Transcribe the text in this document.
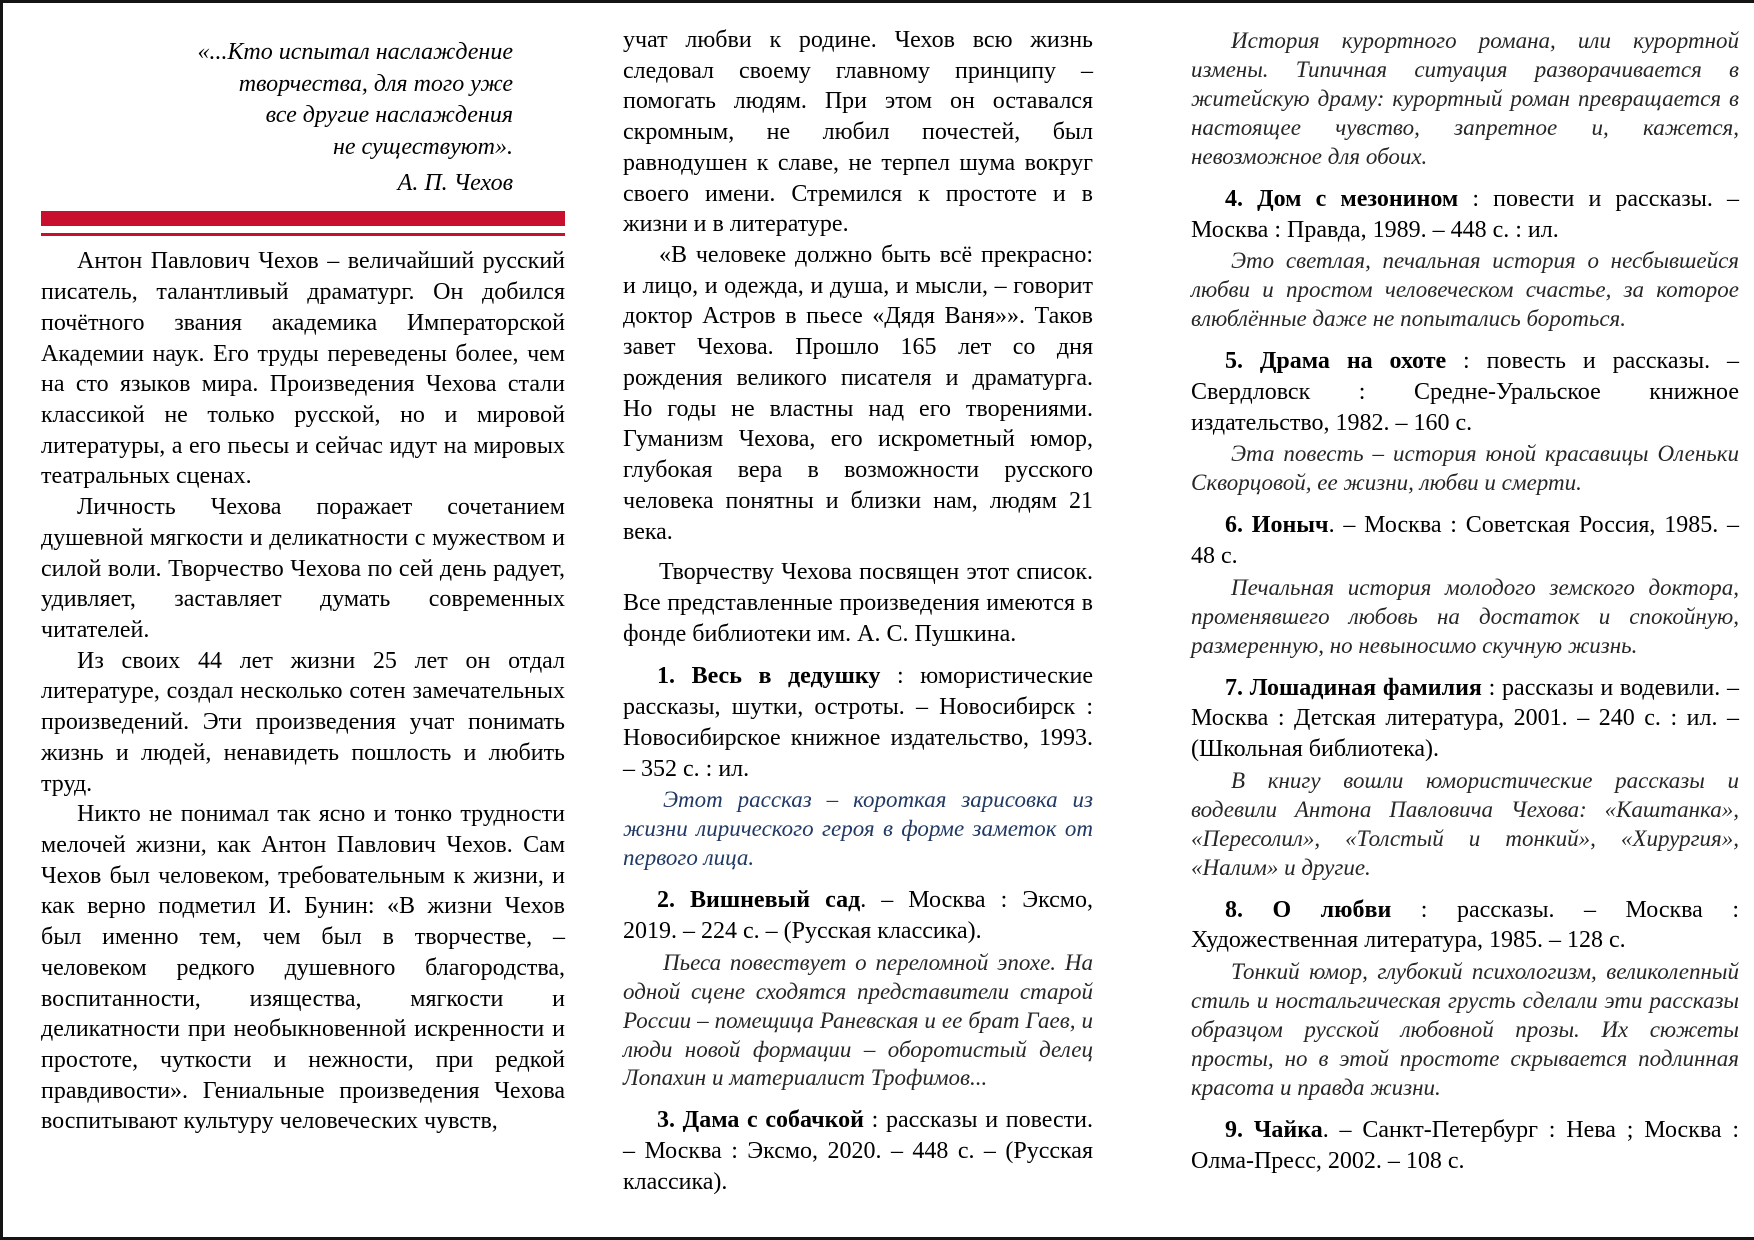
«...Кто испытал наслаждение
творчества, для того уже
все другие наслаждения
не существуют».
А. П. Чехов

Антон Павлович Чехов – величайший русский писатель, талантливый драматург. Он добился почётного звания академика Императорской Академии наук. Его труды переведены более, чем на сто языков мира. Произведения Чехова стали классикой не только русской, но и мировой литературы, а его пьесы и сейчас идут на мировых театральных сценах.

Личность Чехова поражает сочетанием душевной мягкости и деликатности с мужеством и силой воли. Творчество Чехова по сей день радует, удивляет, заставляет думать современных читателей.

Из своих 44 лет жизни 25 лет он отдал литературе, создал несколько сотен замечательных произведений. Эти произведения учат понимать жизнь и людей, ненавидеть пошлость и любить труд.

Никто не понимал так ясно и тонко трудности мелочей жизни, как Антон Павлович Чехов. Сам Чехов был человеком, требовательным к жизни, и как верно подметил И. Бунин: «В жизни Чехов был именно тем, чем был в творчестве, – человеком редкого душевного благородства, воспитанности, изящества, мягкости и деликатности при необыкновенной искренности и простоте, чуткости и нежности, при редкой правдивости». Гениальные произведения Чехова воспитывают культуру человеческих чувств,

учат любви к родине. Чехов всю жизнь следовал своему главному принципу – помогать людям. При этом он оставался скромным, не любил почестей, был равнодушен к славе, не терпел шума вокруг своего имени. Стремился к простоте и в жизни и в литературе.

«В человеке должно быть всё прекрасно: и лицо, и одежда, и душа, и мысли, – говорит доктор Астров в пьесе «Дядя Ваня»». Таков завет Чехова. Прошло 165 лет со дня рождения великого писателя и драматурга. Но годы не властны над его творениями. Гуманизм Чехова, его искрометный юмор, глубокая вера в возможности русского человека понятны и близки нам, людям 21 века.

Творчеству Чехова посвящен этот список. Все представленные произведения имеются в фонде библиотеки им. А. С. Пушкина.

1. Весь в дедушку : юмористические рассказы, шутки, остроты. – Новосибирск : Новосибирское книжное издательство, 1993. – 352 с. : ил.

Этот рассказ – короткая зарисовка из жизни лирического героя в форме заметок от первого лица.

2. Вишневый сад. – Москва : Эксмо, 2019. – 224 с. – (Русская классика).

Пьеса повествует о переломной эпохе. На одной сцене сходятся представители старой России – помещица Раневская и ее брат Гаев, и люди новой формации – оборотистый делец Лопахин и материалист Трофимов...

3. Дама с собачкой : рассказы и повести. – Москва : Эксмо, 2020. – 448 с. – (Русская классика).

История курортного романа, или курортной измены. Типичная ситуация разворачивается в житейскую драму: курортный роман превращается в настоящее чувство, запретное и, кажется, невозможное для обоих.

4. Дом с мезонином : повести и рассказы. – Москва : Правда, 1989. – 448 с. : ил.

Это светлая, печальная история о несбывшейся любви и простом человеческом счастье, за которое влюблённые даже не попытались бороться.

5. Драма на охоте : повесть и рассказы. – Свердловск : Средне-Уральское книжное издательство, 1982. – 160 с.

Эта повесть – история юной красавицы Оленьки Скворцовой, ее жизни, любви и смерти.

6. Ионыч. – Москва : Советская Россия, 1985. – 48 с.

Печальная история молодого земского доктора, променявшего любовь на достаток и спокойную, размеренную, но невыносимо скучную жизнь.

7. Лошадиная фамилия : рассказы и водевили. – Москва : Детская литература, 2001. – 240 с. : ил. – (Школьная библиотека).

В книгу вошли юмористические рассказы и водевили Антона Павловича Чехова: «Каштанка», «Пересолил», «Толстый и тонкий», «Хирургия», «Налим» и другие.

8. О любви : рассказы. – Москва : Художественная литература, 1985. – 128 с.

Тонкий юмор, глубокий психологизм, великолепный стиль и ностальгическая грусть сделали эти рассказы образцом русской любовной прозы. Их сюжеты просты, но в этой простоте скрывается подлинная красота и правда жизни.

9. Чайка. – Санкт-Петербург : Нева ; Москва : Олма-Пресс, 2002. – 108 с.
